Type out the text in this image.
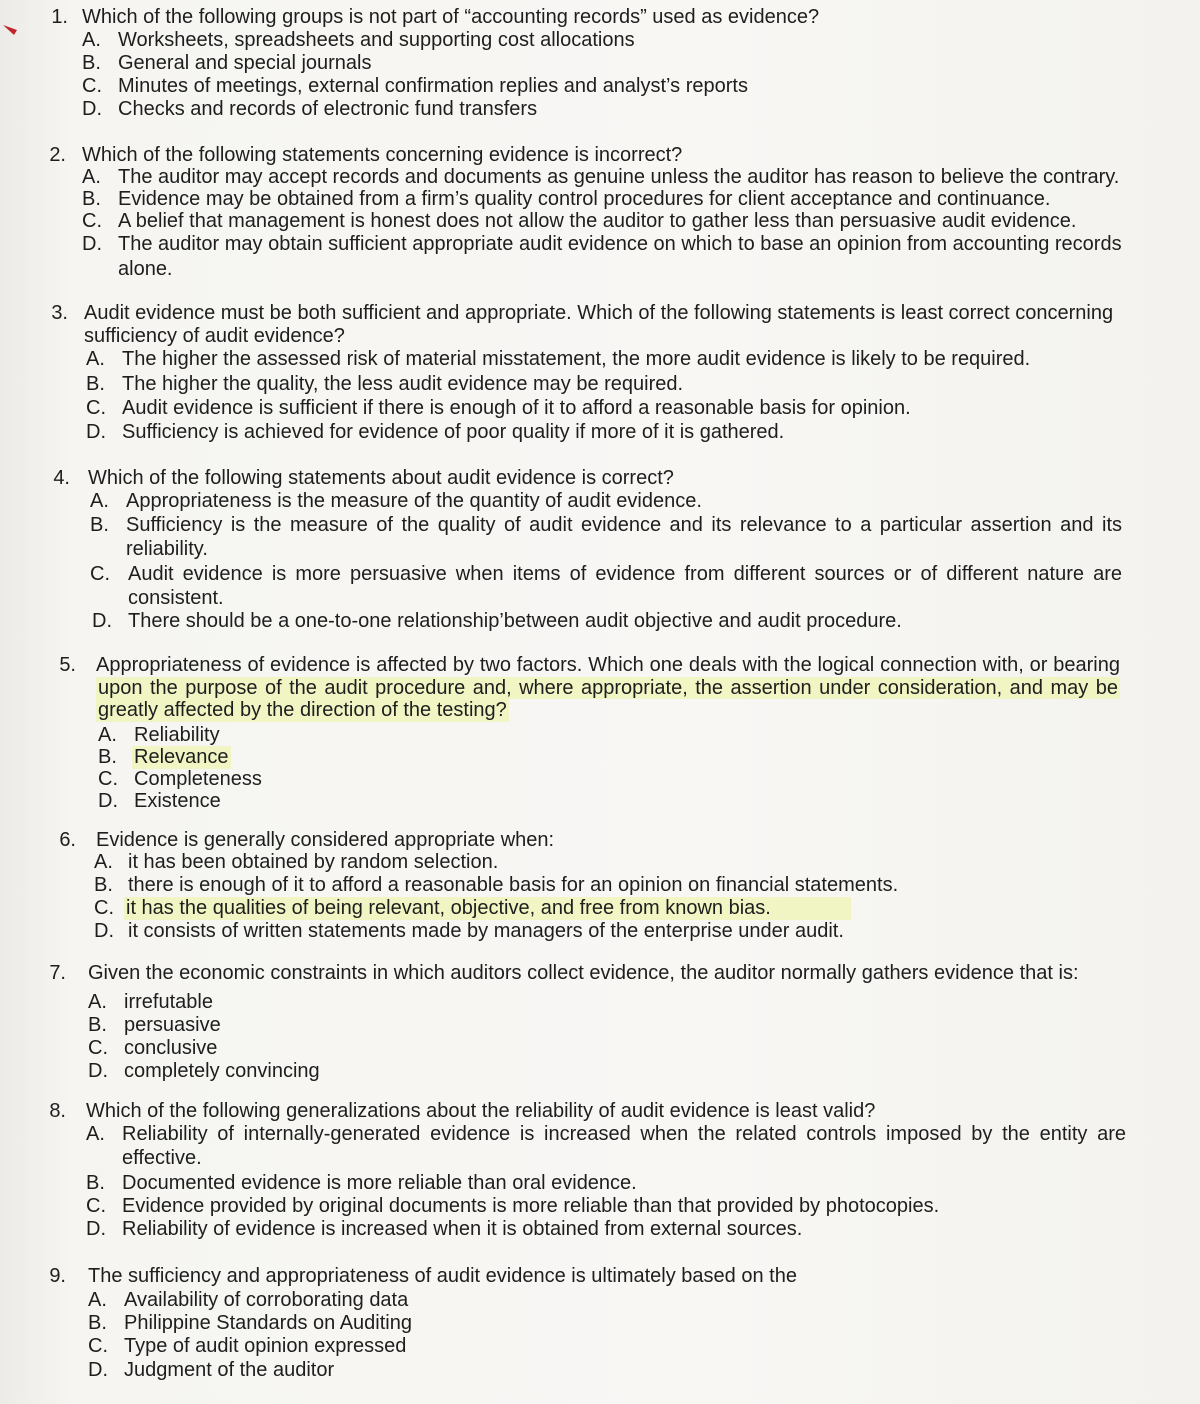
1. Which of the following groups is not part of “accounting records” used as evidence?
A. Worksheets, spreadsheets and supporting cost allocations
B. General and special journals
C. Minutes of meetings, external confirmation replies and analyst’s reports
D. Checks and records of electronic fund transfers
2. Which of the following statements concerning evidence is incorrect?
A. The auditor may accept records and documents as genuine unless the auditor has reason to believe the contrary.
B. Evidence may be obtained from a firm’s quality control procedures for client acceptance and continuance.
C. A belief that management is honest does not allow the auditor to gather less than persuasive audit evidence.
D. The auditor may obtain sufficient appropriate audit evidence on which to base an opinion from accounting records
alone.
3. Audit evidence must be both sufficient and appropriate. Which of the following statements is least correct concerning
sufficiency of audit evidence?
A. The higher the assessed risk of material misstatement, the more audit evidence is likely to be required.
B. The higher the quality, the less audit evidence may be required.
C. Audit evidence is sufficient if there is enough of it to afford a reasonable basis for opinion.
D. Sufficiency is achieved for evidence of poor quality if more of it is gathered.
4. Which of the following statements about audit evidence is correct?
A. Appropriateness is the measure of the quantity of audit evidence.
B. Sufficiency is the measure of the quality of audit evidence and its relevance to a particular assertion and its
reliability.
C. Audit evidence is more persuasive when items of evidence from different sources or of different nature are
consistent.
D. There should be a one-to-one relationship’between audit objective and audit procedure.
5. Appropriateness of evidence is affected by two factors. Which one deals with the logical connection with, or bearing
upon the purpose of the audit procedure and, where appropriate, the assertion under consideration, and may be
greatly affected by the direction of the testing?
A. Reliability
B. Relevance
C. Completeness
D. Existence
6. Evidence is generally considered appropriate when:
A. it has been obtained by random selection.
B. there is enough of it to afford a reasonable basis for an opinion on financial statements.
C. it has the qualities of being relevant, objective, and free from known bias.
D. it consists of written statements made by managers of the enterprise under audit.
7. Given the economic constraints in which auditors collect evidence, the auditor normally gathers evidence that is:
A. irrefutable
B. persuasive
C. conclusive
D. completely convincing
8. Which of the following generalizations about the reliability of audit evidence is least valid?
A. Reliability of internally-generated evidence is increased when the related controls imposed by the entity are
effective.
B. Documented evidence is more reliable than oral evidence.
C. Evidence provided by original documents is more reliable than that provided by photocopies.
D. Reliability of evidence is increased when it is obtained from external sources.
9. The sufficiency and appropriateness of audit evidence is ultimately based on the
A. Availability of corroborating data
B. Philippine Standards on Auditing
C. Type of audit opinion expressed
D. Judgment of the auditor
